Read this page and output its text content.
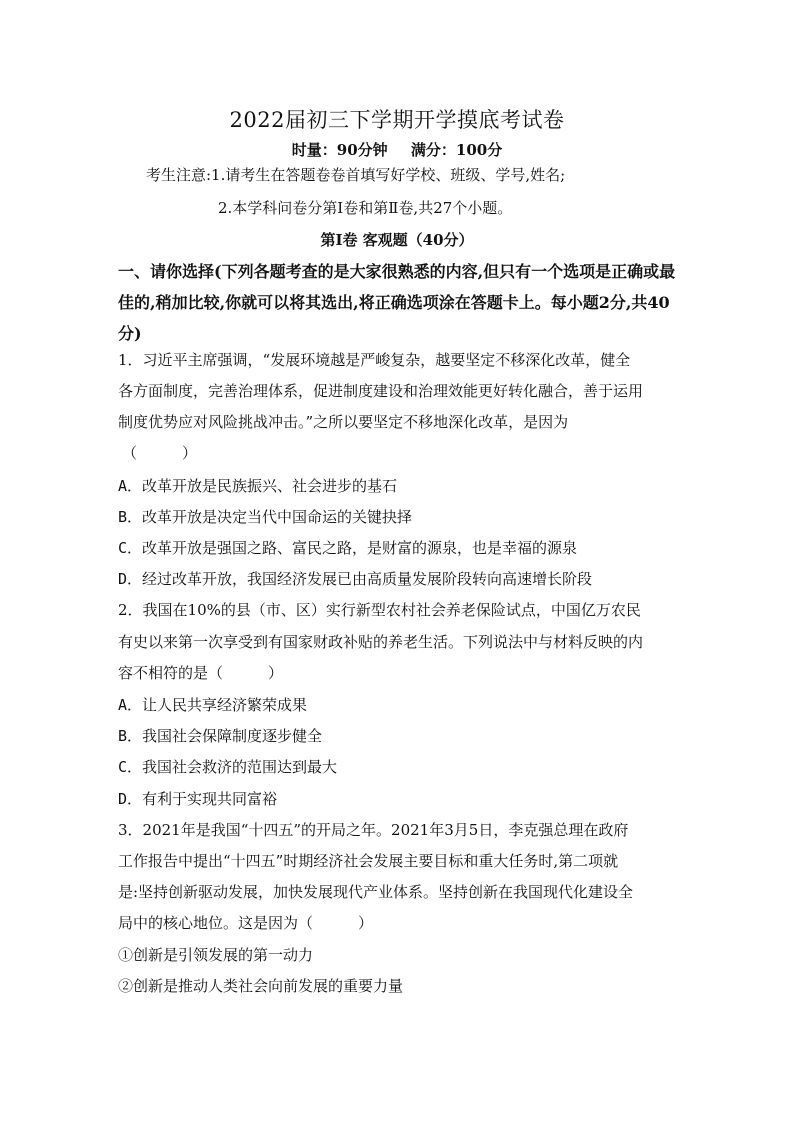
2022届初三下学期开学摸底考试卷
时量：90分钟 满分：100分
考生注意:1.请考生在答题卷卷首填写好学校、班级、学号,姓名;
2.本学科问卷分第Ⅰ卷和第Ⅱ卷,共27个小题。
第Ⅰ卷 客观题（40分）
一、请你选择(下列各题考查的是大家很熟悉的内容,但只有一个选项是正确或最佳的,稍加比较,你就可以将其选出,将正确选项涂在答题卡上。每小题2分,共40分)
1．习近平主席强调，“发展环境越是严峻复杂，越要坚定不移深化改革，健全
各方面制度，完善治理体系，促进制度建设和治理效能更好转化融合，善于运用
制度优势应对风险挑战冲击。”之所以要坚定不移地深化改革，是因为
（　　　）
A．改革开放是民族振兴、社会进步的基石
B．改革开放是决定当代中国命运的关键抉择
C．改革开放是强国之路、富民之路，是财富的源泉，也是幸福的源泉
D．经过改革开放，我国经济发展已由高质量发展阶段转向高速增长阶段
2．我国在10%的县（市、区）实行新型农村社会养老保险试点，中国亿万农民
有史以来第一次享受到有国家财政补贴的养老生活。下列说法中与材料反映的内
容不相符的是（　　　）
A．让人民共享经济繁荣成果
B．我国社会保障制度逐步健全
C．我国社会救济的范围达到最大
D．有利于实现共同富裕
3．2021年是我国“十四五”的开局之年。2021年3月5日，李克强总理在政府
工作报告中提出“十四五”时期经济社会发展主要目标和重大任务时,第二项就
是:坚持创新驱动发展，加快发展现代产业体系。坚持创新在我国现代化建设全
局中的核心地位。这是因为（　　　）
①创新是引领发展的第一动力
②创新是推动人类社会向前发展的重要力量
